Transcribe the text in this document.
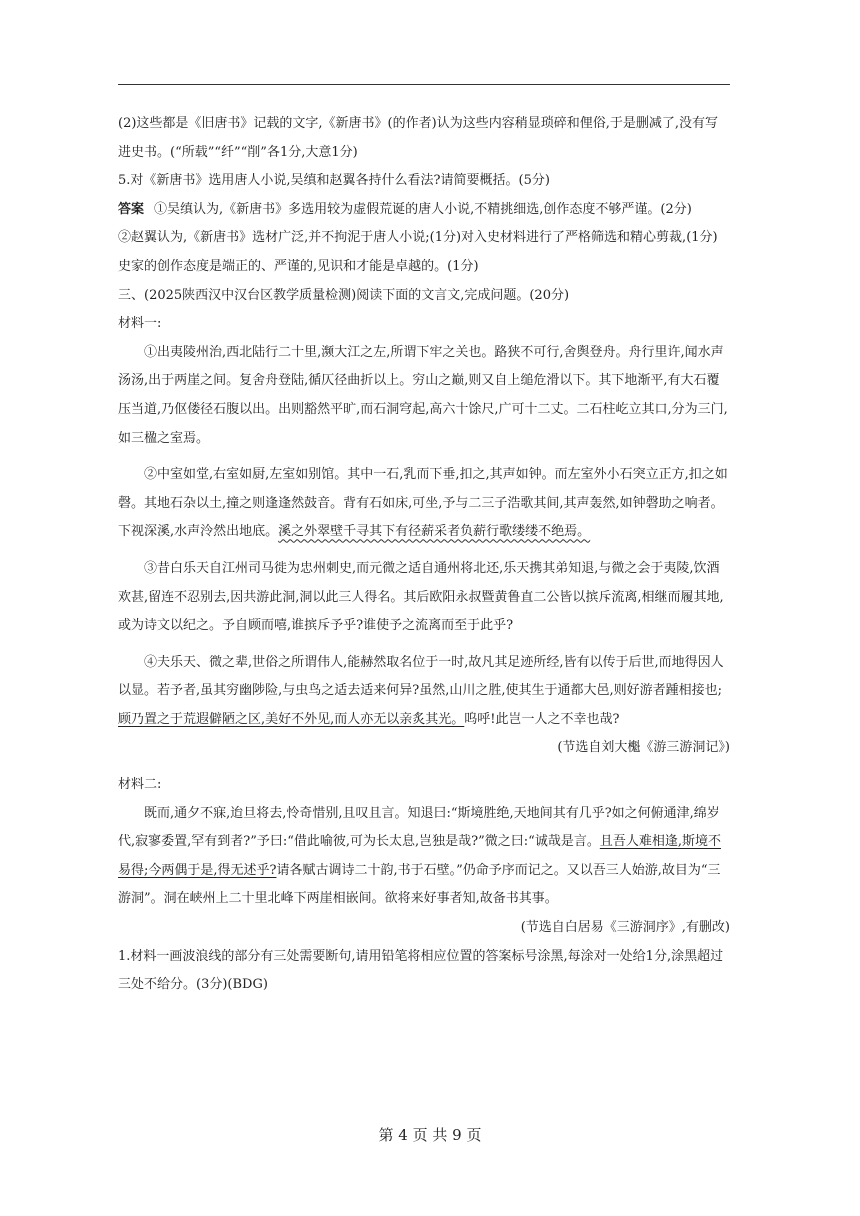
(2)这些都是《旧唐书》记载的文字,《新唐书》(的作者)认为这些内容稍显琐碎和俚俗,于是删减了,没有写进史书。(“所载”“纤”“削”各1分,大意1分)

5.对《新唐书》选用唐人小说,吴缜和赵翼各持什么看法?请简要概括。(5分)

答案 ①吴缜认为,《新唐书》多选用较为虚假荒诞的唐人小说,不精挑细选,创作态度不够严谨。(2分)

②赵翼认为,《新唐书》选材广泛,并不拘泥于唐人小说;(1分)对入史材料进行了严格筛选和精心剪裁,(1分)史家的创作态度是端正的、严谨的,见识和才能是卓越的。(1分)

三、(2025陕西汉中汉台区教学质量检测)阅读下面的文言文,完成问题。(20分)

材料一:

①出夷陵州治,西北陆行二十里,濒大江之左,所谓下牢之关也。路狭不可行,舍舆登舟。舟行里许,闻水声汤汤,出于两崖之间。复舍舟登陆,循仄径曲折以上。穷山之巅,则又自上缒危滑以下。其下地渐平,有大石覆压当道,乃伛偻径石腹以出。出则豁然平旷,而石洞穹起,高六十馀尺,广可十二丈。二石柱屹立其口,分为三门,如三楹之室焉。

②中室如堂,右室如厨,左室如别馆。其中一石,乳而下垂,扣之,其声如钟。而左室外小石突立正方,扣之如磬。其地石杂以土,撞之则逢逢然鼓音。背有石如床,可坐,予与二三子浩歌其间,其声轰然,如钟磬助之响者。下视深溪,水声泠然出地底。溪之外翠壁千寻其下有径薪采者负薪行歌缕缕不绝焉。

③昔白乐天自江州司马徙为忠州刺史,而元微之适自通州将北还,乐天携其弟知退,与微之会于夷陵,饮酒欢甚,留连不忍别去,因共游此洞,洞以此三人得名。其后欧阳永叔暨黄鲁直二公皆以摈斥流离,相继而履其地,或为诗文以纪之。予自顾而嘻,谁摈斥予乎?谁使予之流离而至于此乎?

④夫乐天、微之辈,世俗之所谓伟人,能赫然取名位于一时,故凡其足迹所经,皆有以传于后世,而地得因人以显。若予者,虽其穷幽陟险,与虫鸟之适去适来何异?虽然,山川之胜,使其生于通都大邑,则好游者踵相接也;顾乃置之于荒遐僻陋之区,美好不外见,而人亦无以亲炙其光。呜呼!此岂一人之不幸也哉?

(节选自刘大櫆《游三游洞记》)

材料二:

既而,通夕不寐,迨旦将去,怜奇惜别,且叹且言。知退曰:“斯境胜绝,天地间其有几乎?如之何俯通津,绵岁代,寂寥委置,罕有到者?”予曰:“借此喻彼,可为长太息,岂独是哉?”微之曰:“诚哉是言。且吾人难相逢,斯境不易得;今两偶于是,得无述乎?请各赋古调诗二十韵,书于石壁。”仍命予序而记之。又以吾三人始游,故目为“三游洞”。洞在峡州上二十里北峰下两崖相嵌间。欲将来好事者知,故备书其事。

(节选自白居易《三游洞序》,有删改)

1.材料一画波浪线的部分有三处需要断句,请用铅笔将相应位置的答案标号涂黑,每涂对一处给1分,涂黑超过三处不给分。(3分)(BDG)

第 4 页 共 9 页
